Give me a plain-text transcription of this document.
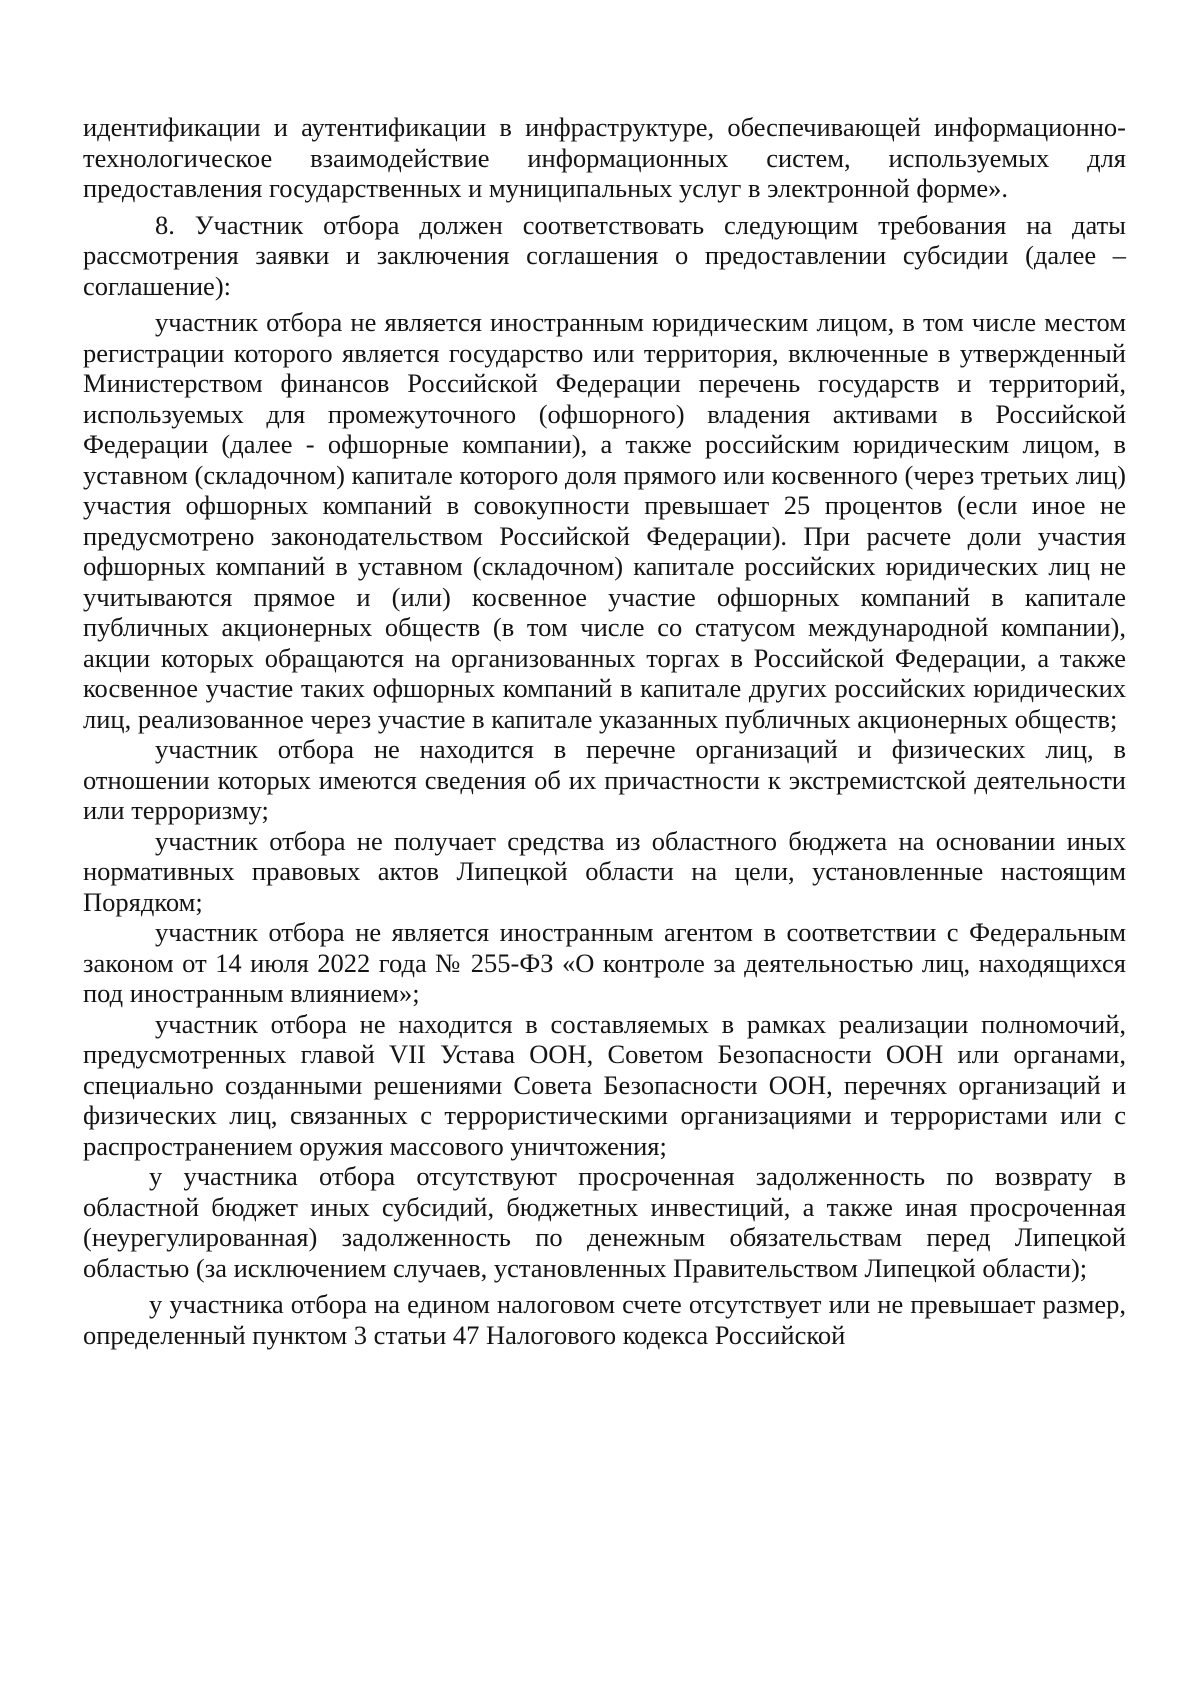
идентификации и аутентификации в инфраструктуре, обеспечивающей информационно-технологическое взаимодействие информационных систем, используемых для предоставления государственных и муниципальных услуг в электронной форме».

8. Участник отбора должен соответствовать следующим требования на даты рассмотрения заявки и заключения соглашения о предоставлении субсидии (далее – соглашение):

участник отбора не является иностранным юридическим лицом, в том числе местом регистрации которого является государство или территория, включенные в утвержденный Министерством финансов Российской Федерации перечень государств и территорий, используемых для промежуточного (офшорного) владения активами в Российской Федерации (далее - офшорные компании), а также российским юридическим лицом, в уставном (складочном) капитале которого доля прямого или косвенного (через третьих лиц) участия офшорных компаний в совокупности превышает 25 процентов (если иное не предусмотрено законодательством Российской Федерации). При расчете доли участия офшорных компаний в уставном (складочном) капитале российских юридических лиц не учитываются прямое и (или) косвенное участие офшорных компаний в капитале публичных акционерных обществ (в том числе со статусом международной компании), акции которых обращаются на организованных торгах в Российской Федерации, а также косвенное участие таких офшорных компаний в капитале других российских юридических лиц, реализованное через участие в капитале указанных публичных акционерных обществ;

участник отбора не находится в перечне организаций и физических лиц, в отношении которых имеются сведения об их причастности к экстремистской деятельности или терроризму;

участник отбора не получает средства из областного бюджета на основании иных нормативных правовых актов Липецкой области на цели, установленные настоящим Порядком;

участник отбора не является иностранным агентом в соответствии с Федеральным законом от 14 июля 2022 года № 255-ФЗ «О контроле за деятельностью лиц, находящихся под иностранным влиянием»;

участник отбора не находится в составляемых в рамках реализации полномочий, предусмотренных главой VII Устава ООН, Советом Безопасности ООН или органами, специально созданными решениями Совета Безопасности ООН, перечнях организаций и физических лиц, связанных с террористическими организациями и террористами или с распространением оружия массового уничтожения;

у участника отбора отсутствуют просроченная задолженность по возврату в областной бюджет иных субсидий, бюджетных инвестиций, а также иная просроченная (неурегулированная) задолженность по денежным обязательствам перед Липецкой областью (за исключением случаев, установленных Правительством Липецкой области);

у участника отбора на едином налоговом счете отсутствует или не превышает размер, определенный пунктом 3 статьи 47 Налогового кодекса Российской
